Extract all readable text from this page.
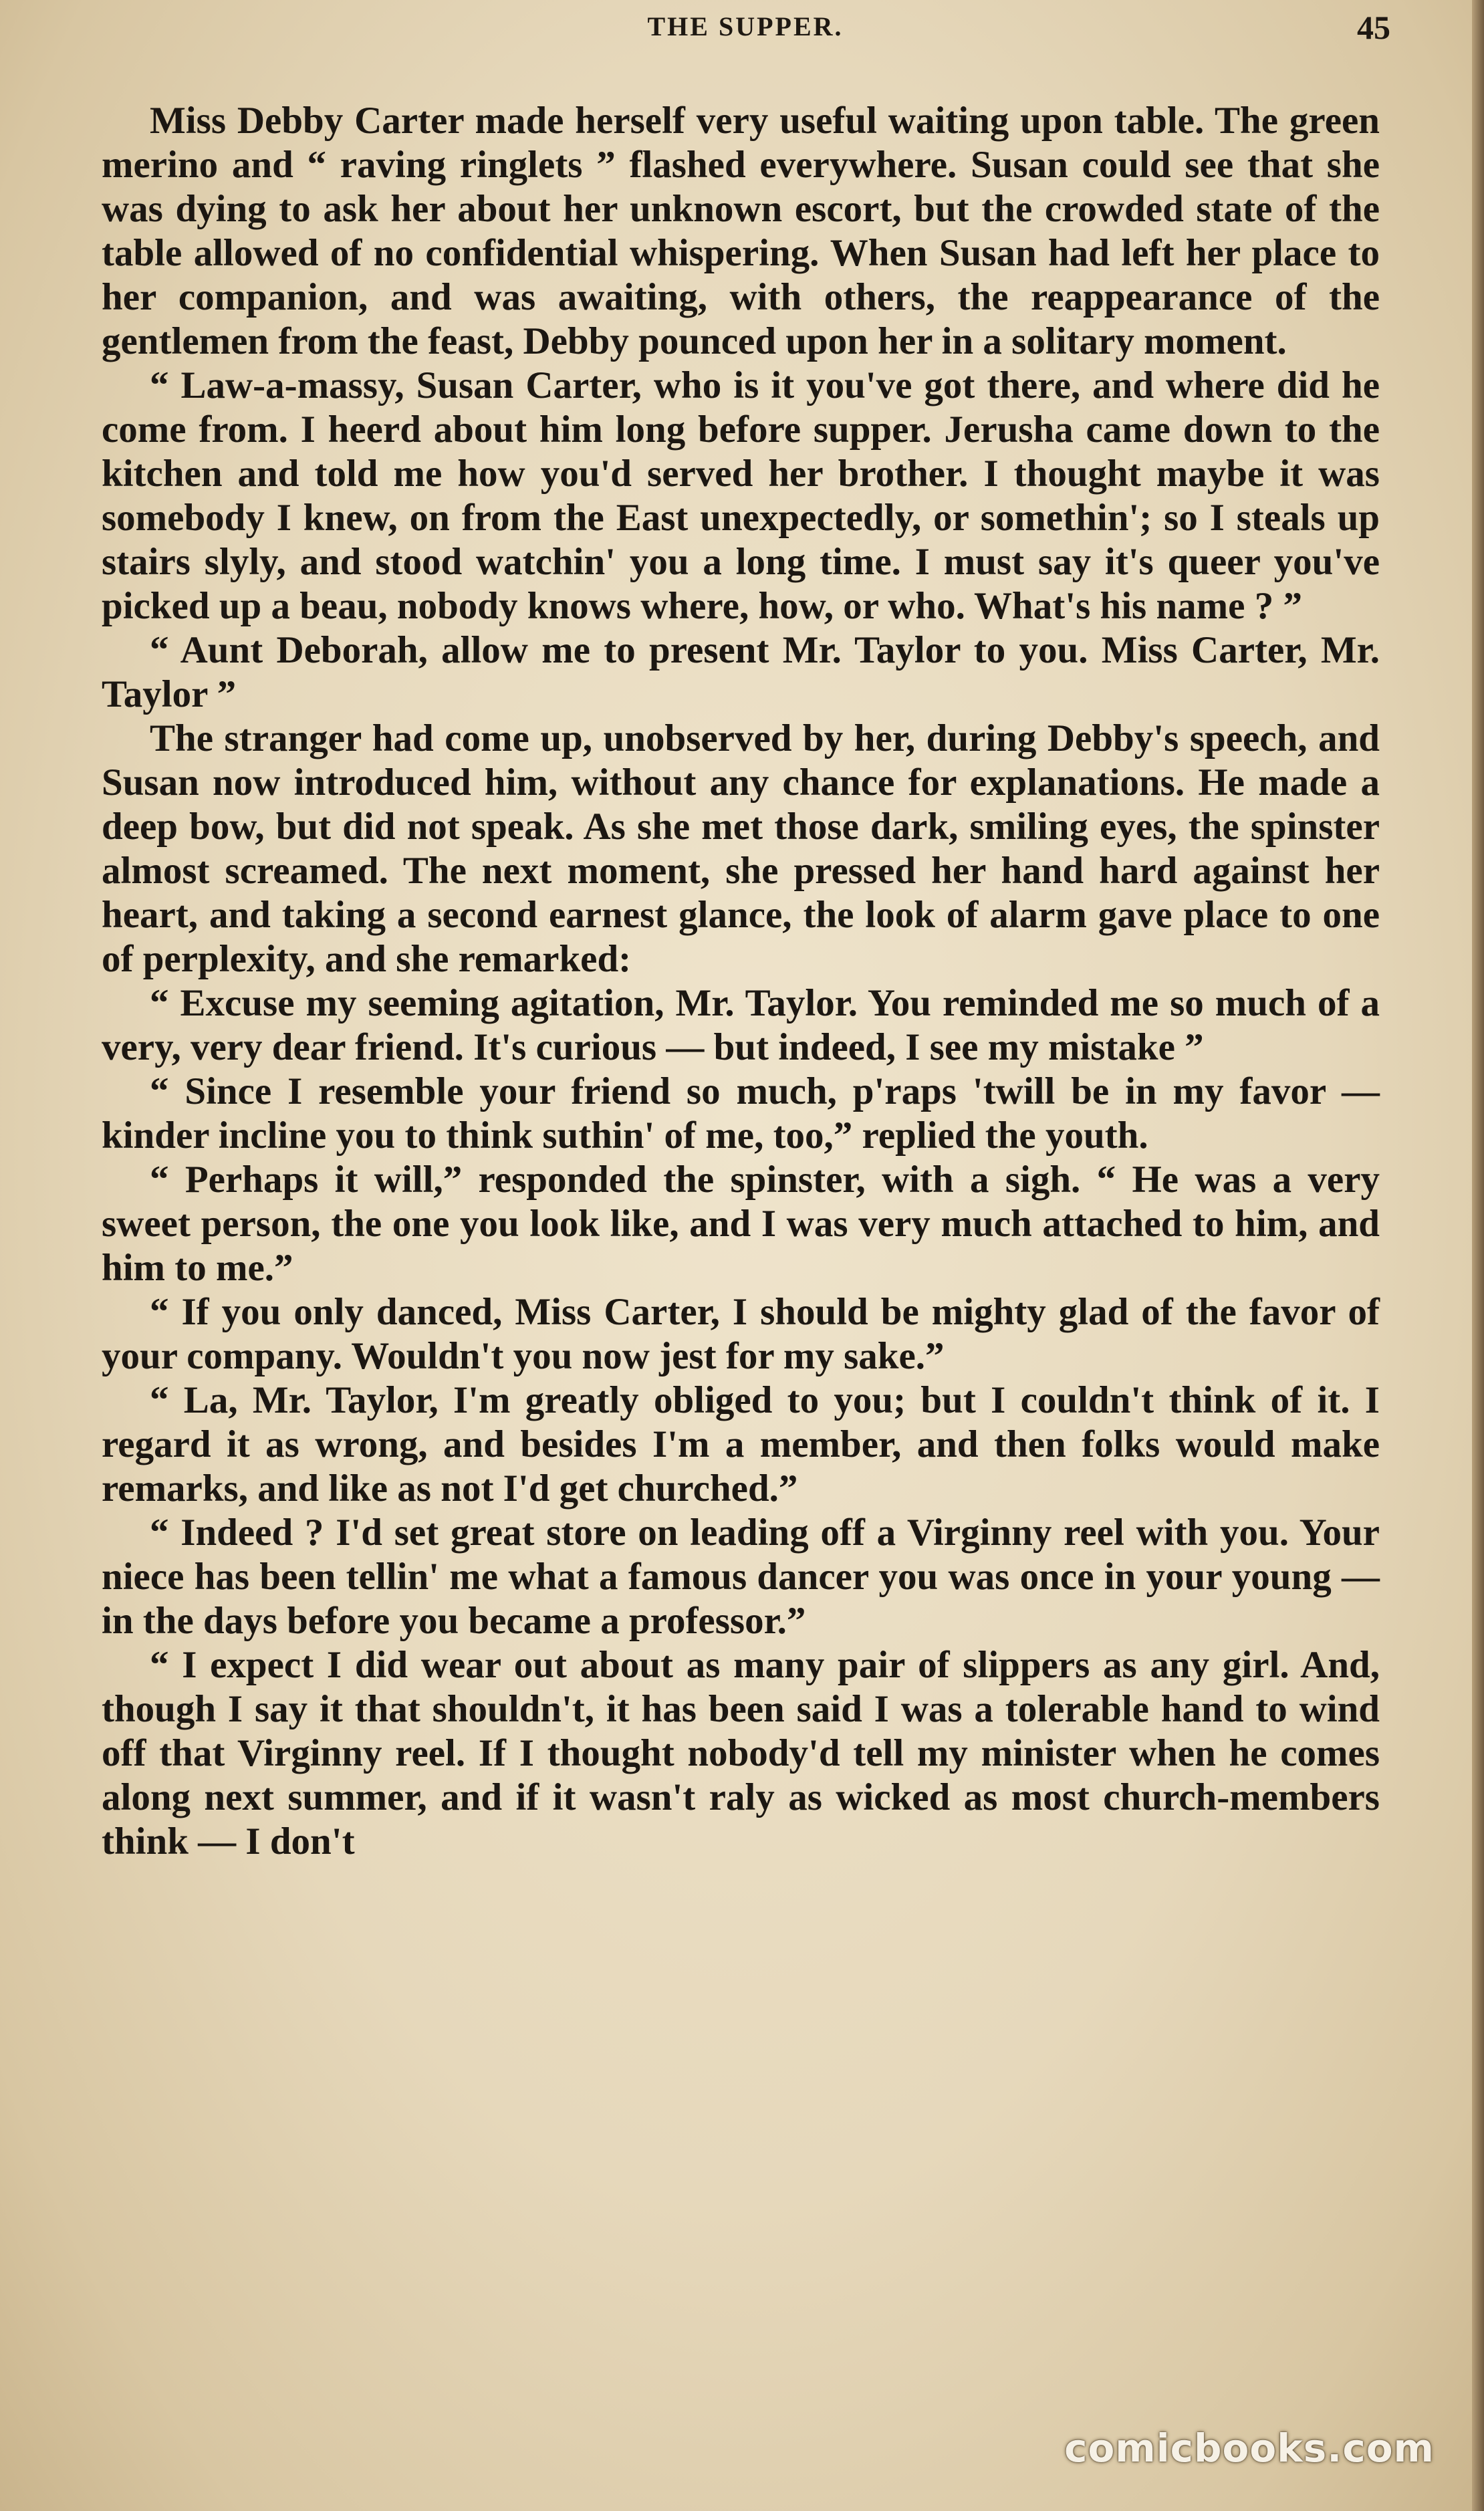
THE SUPPER.	45

Miss Debby Carter made herself very useful waiting upon table. The green merino and “ raving ringlets ” flashed everywhere. Susan could see that she was dying to ask her about her unknown escort, but the crowded state of the table allowed of no confidential whispering. When Susan had left her place to her companion, and was awaiting, with others, the reappearance of the gentlemen from the feast, Debby pounced upon her in a solitary moment.

“ Law-a-massy, Susan Carter, who is it you've got there, and where did he come from. I heerd about him long before supper. Jerusha came down to the kitchen and told me how you'd served her brother. I thought maybe it was somebody I knew, on from the East unexpectedly, or somethin'; so I steals up stairs slyly, and stood watchin' you a long time. I must say it's queer you've picked up a beau, nobody knows where, how, or who. What's his name ? ”

“ Aunt Deborah, allow me to present Mr. Taylor to you. Miss Carter, Mr. Taylor ”

The stranger had come up, unobserved by her, during Debby's speech, and Susan now introduced him, without any chance for explanations. He made a deep bow, but did not speak. As she met those dark, smiling eyes, the spinster almost screamed. The next moment, she pressed her hand hard against her heart, and taking a second earnest glance, the look of alarm gave place to one of perplexity, and she remarked:

“ Excuse my seeming agitation, Mr. Taylor. You reminded me so much of a very, very dear friend. It's curious — but indeed, I see my mistake ”

“ Since I resemble your friend so much, p'raps 'twill be in my favor — kinder incline you to think suthin' of me, too,” replied the youth.

“ Perhaps it will,” responded the spinster, with a sigh. “ He was a very sweet person, the one you look like, and I was very much attached to him, and him to me.”

“ If you only danced, Miss Carter, I should be mighty glad of the favor of your company. Wouldn't you now jest for my sake.”

“ La, Mr. Taylor, I'm greatly obliged to you; but I couldn't think of it. I regard it as wrong, and besides I'm a member, and then folks would make remarks, and like as not I'd get churched.”

“ Indeed ? I'd set great store on leading off a Virginny reel with you. Your niece has been tellin' me what a famous dancer you was once in your young — in the days before you became a professor.”

“ I expect I did wear out about as many pair of slippers as any girl. And, though I say it that shouldn't, it has been said I was a tolerable hand to wind off that Virginny reel. If I thought nobody'd tell my minister when he comes along next summer, and if it wasn't raly as wicked as most church-members think — I don't

comicbooks.com
